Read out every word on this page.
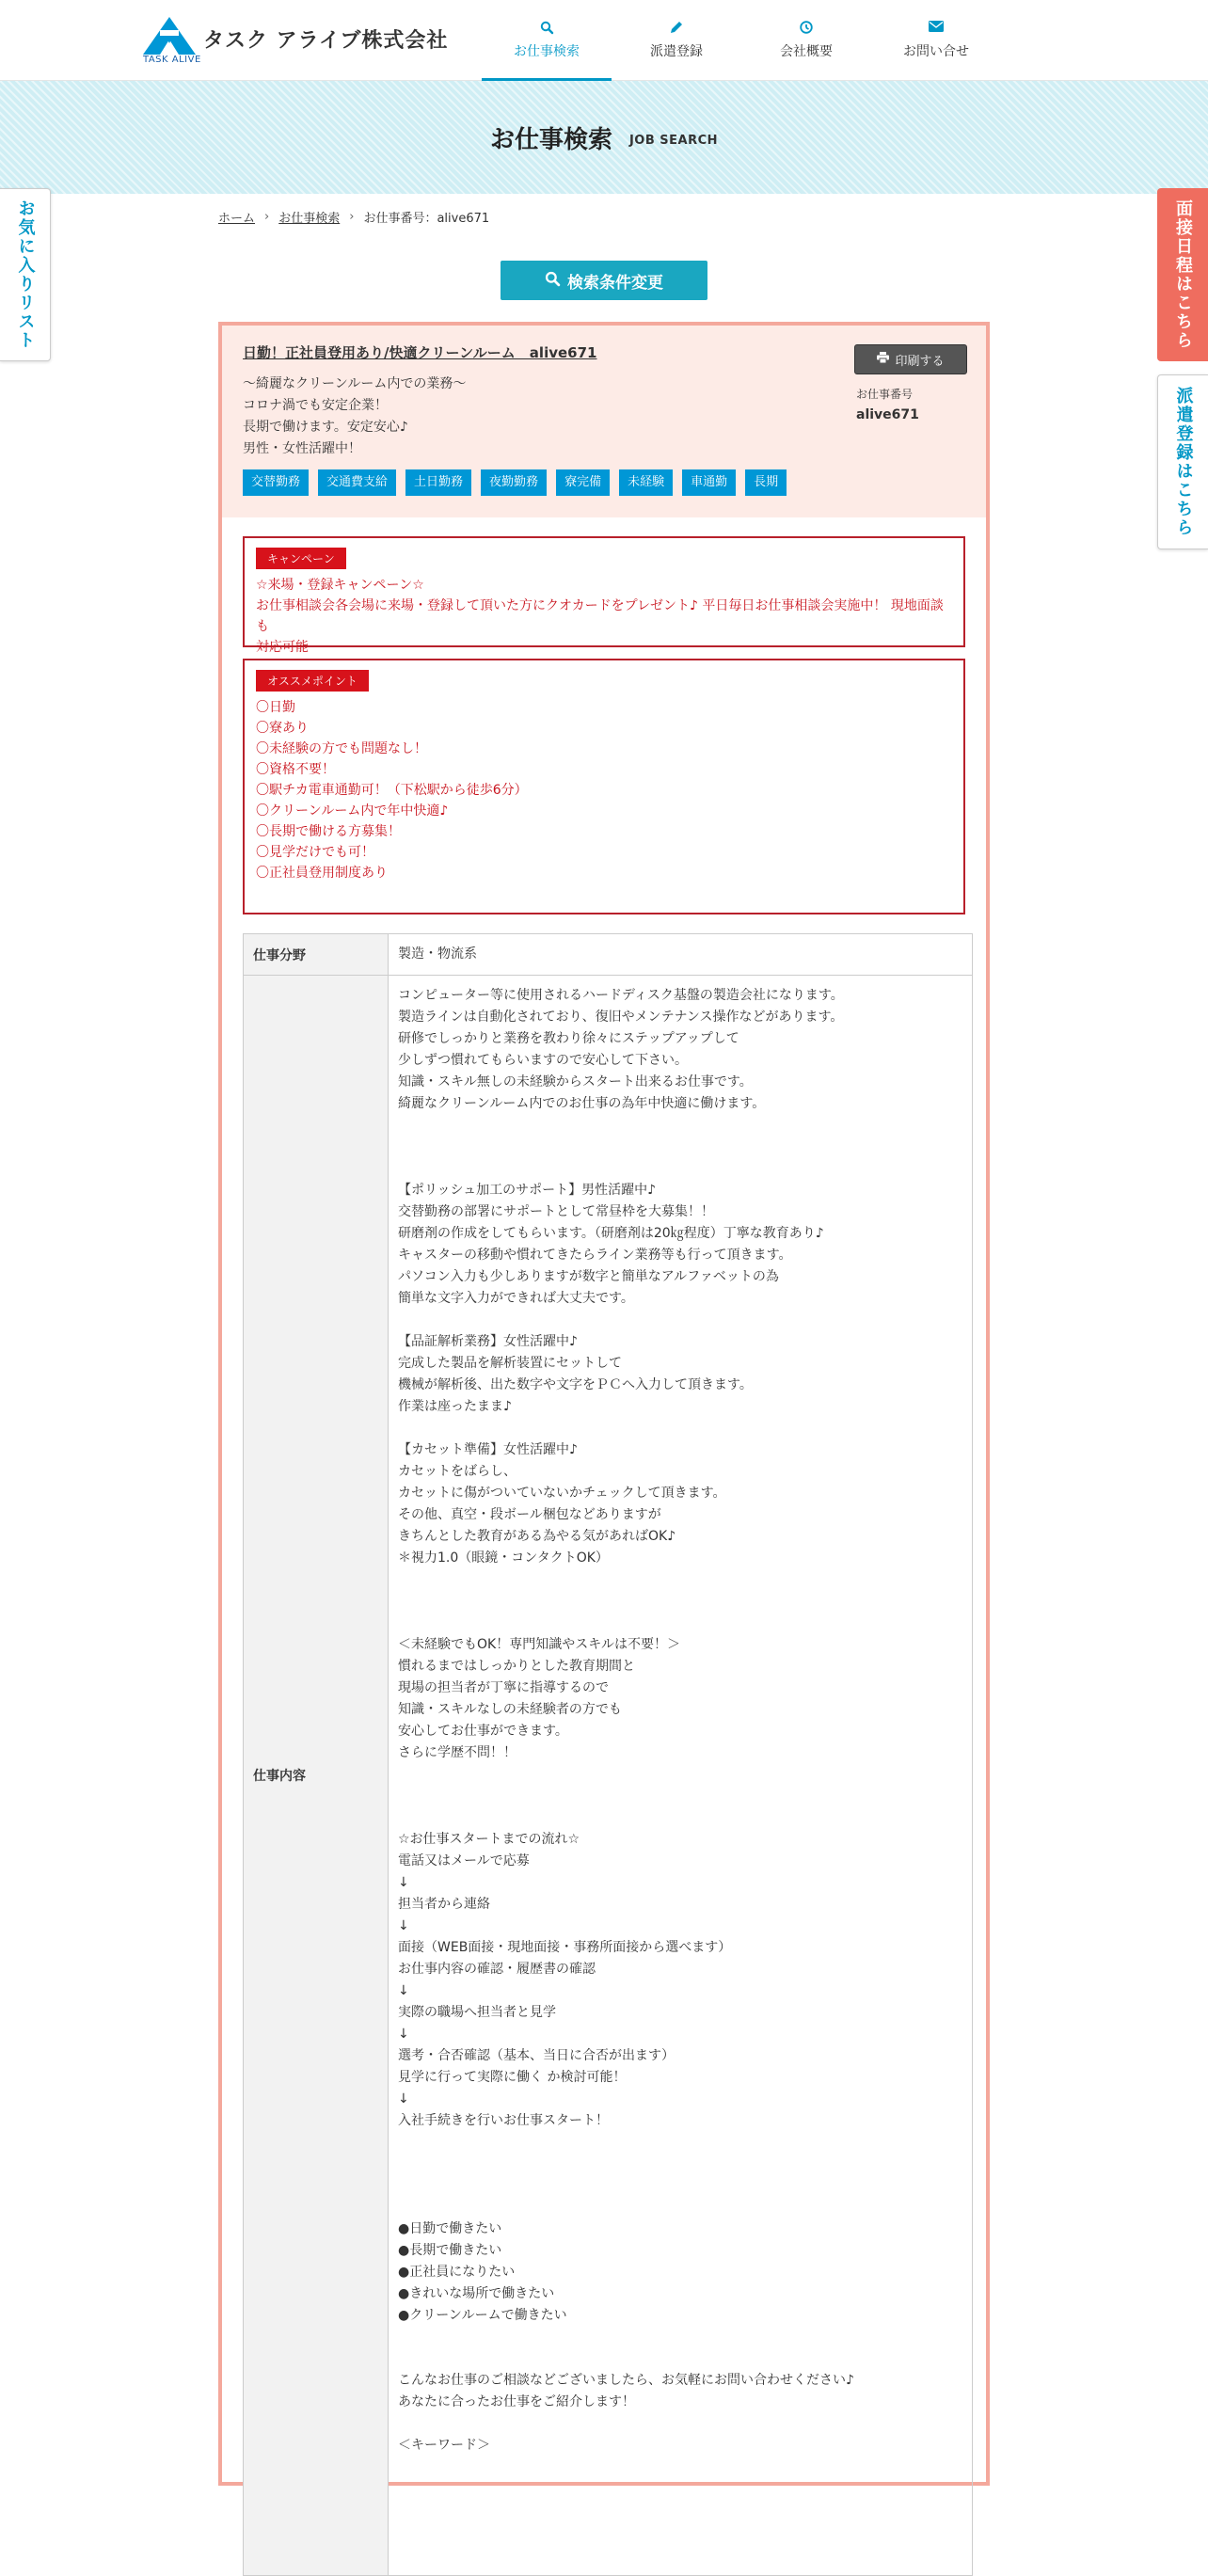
TASK ALIVE
タスク アライブ株式会社	お仕事検索	派遣登録	会社概要	お問い合せ
お仕事検索 JOB SEARCH
お気に入りリスト	面接日程はこちら
派遣登録はこちら
ホーム › お仕事検索 › お仕事番号：alive671
検索条件変更
日勤！正社員登用あり/快適クリーンルーム　alive671
～綺麗なクリーンルーム内での業務～
コロナ渦でも安定企業！
長期で働けます。安定安心♪
男性・女性活躍中！
交替勤務	交通費支給	土日勤務	夜勤勤務	寮完備	未経験	車通勤	長期
印刷する
お仕事番号
alive671
キャンペーン
☆来場・登録キャンペーン☆
お仕事相談会各会場に来場・登録して頂いた方にクオカードをプレゼント♪ 平日毎日お仕事相談会実施中！ 現地面談も
対応可能
オススメポイント
〇日勤
〇寮あり
〇未経験の方でも問題なし！
〇資格不要！
〇駅チカ電車通勤可！（下松駅から徒歩6分）
〇クリーンルーム内で年中快適♪
〇長期で働ける方募集！
〇見学だけでも可！
〇正社員登用制度あり
仕事分野	製造・物流系
仕事内容
コンピューター等に使用されるハードディスク基盤の製造会社になります。
製造ラインは自動化されており、復旧やメンテナンス操作などがあります。
研修でしっかりと業務を教わり徐々にステップアップして
少しずつ慣れてもらいますので安心して下さい。
知識・スキル無しの未経験からスタート出来るお仕事です。
綺麗なクリーンルーム内でのお仕事の為年中快適に働けます。
【ポリッシュ加工のサポート】男性活躍中♪
交替勤務の部署にサポートとして常昼枠を大募集！！
研磨剤の作成をしてもらいます。（研磨剤は20㎏程度）丁寧な教育あり♪
キャスターの移動や慣れてきたらライン業務等も行って頂きます。
パソコン入力も少しありますが数字と簡単なアルファベットの為
簡単な文字入力ができれば大丈夫です。
【品証解析業務】女性活躍中♪
完成した製品を解析装置にセットして
機械が解析後、出た数字や文字をＰＣへ入力して頂きます。
作業は座ったまま♪
【カセット準備】女性活躍中♪
カセットをばらし、
カセットに傷がついていないかチェックして頂きます。
その他、真空・段ボール梱包などありますが
きちんとした教育がある為やる気があればOK♪
＊視力1.0（眼鏡・コンタクトOK）
＜未経験でもOK！専門知識やスキルは不要！＞
慣れるまではしっかりとした教育期間と
現場の担当者が丁寧に指導するので
知識・スキルなしの未経験者の方でも
安心してお仕事ができます。
さらに学歴不問！！
☆お仕事スタートまでの流れ☆
電話又はメールで応募
↓
担当者から連絡
↓
面接（WEB面接・現地面接・事務所面接から選べます）
お仕事内容の確認・履歴書の確認
↓
実際の職場へ担当者と見学
↓
選考・合否確認（基本、当日に合否が出ます）
見学に行って実際に働く か検討可能！
↓
入社手続きを行いお仕事スタート！
●日勤で働きたい
●長期で働きたい
●正社員になりたい
●きれいな場所で働きたい
●クリーンルームで働きたい
こんなお仕事のご相談などございましたら、お気軽にお問い合わせください♪
あなたに合ったお仕事をご紹介します！
＜キーワード＞
